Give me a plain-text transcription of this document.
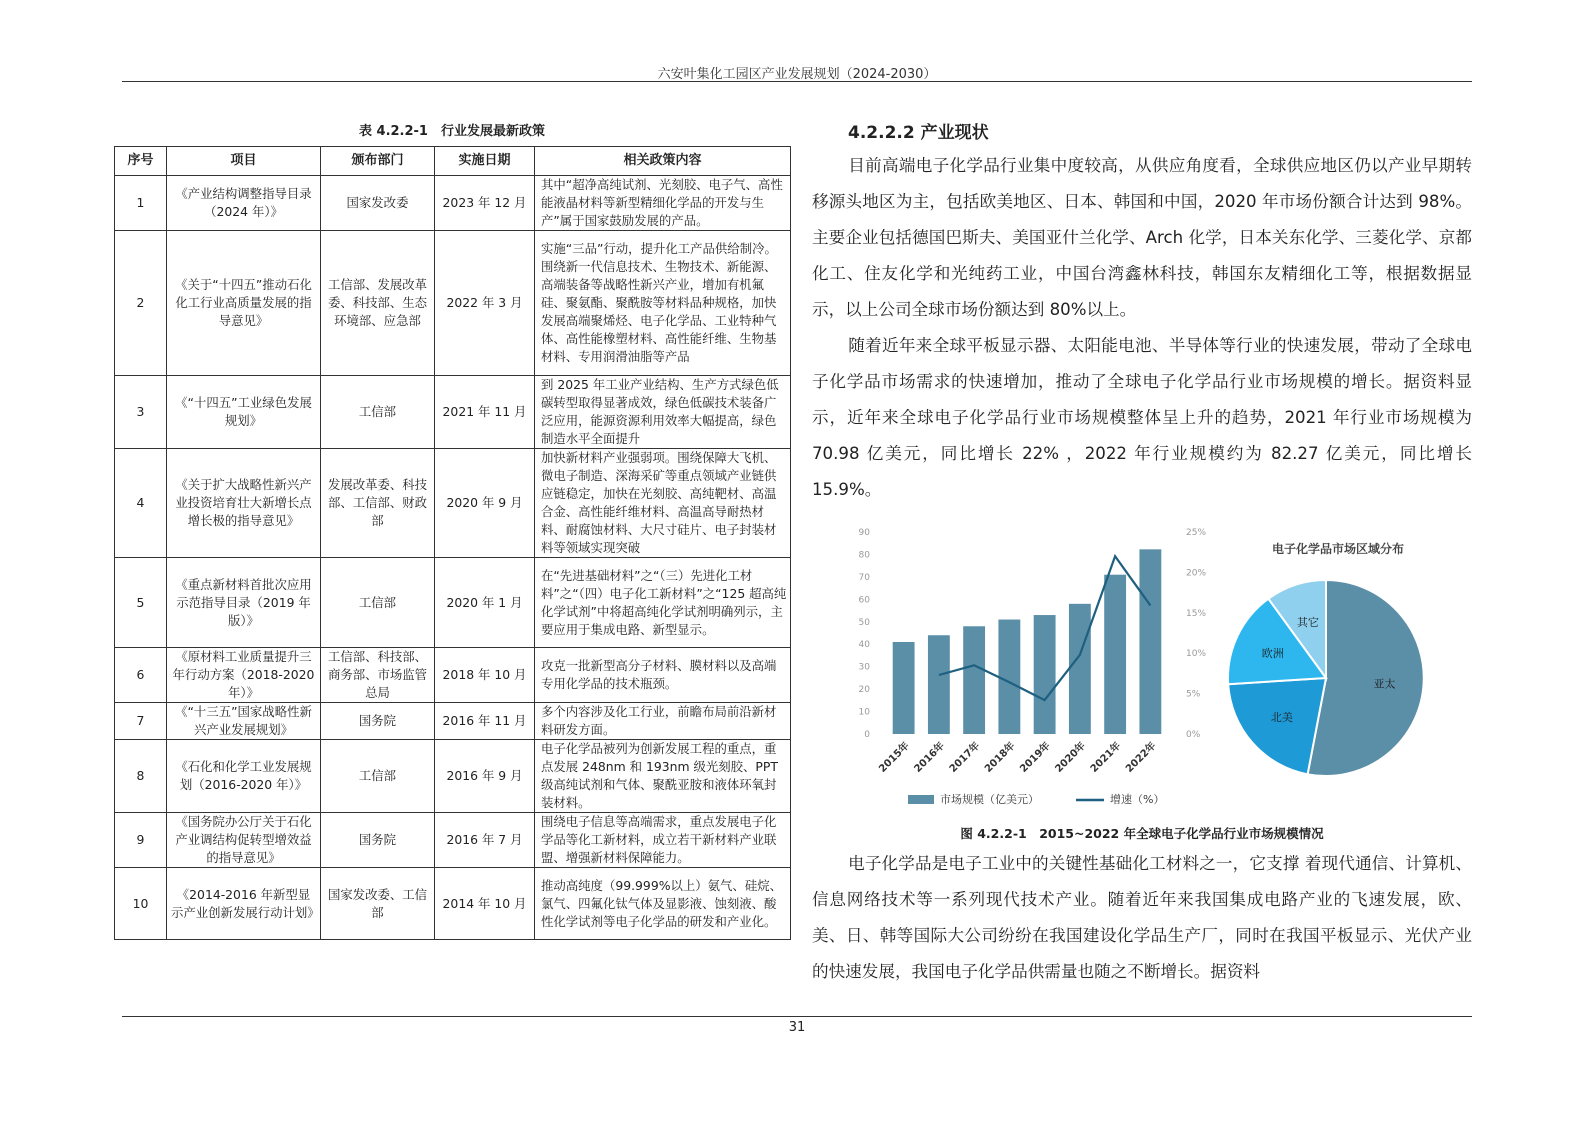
六安叶集化工园区产业发展规划（2024-2030）
表 4.2.2-1　行业发展最新政策
序号	项目	颁布部门	实施日期	相关政策内容
1	《产业结构调整指导目录（2024 年）》	国家发改委	2023 年 12 月	其中“超净高纯试剂、光刻胶、电子气、高性能液晶材料等新型精细化学品的开发与生产”属于国家鼓励发展的产品。
2	《关于“十四五”推动石化化工行业高质量发展的指导意见》	工信部、发展改革委、科技部、生态环境部、应急部	2022 年 3 月	实施“三品”行动，提升化工产品供给制冷。围绕新一代信息技术、生物技术、新能源、高端装备等战略性新兴产业，增加有机氟硅、聚氨酯、聚酰胺等材料品种规格，加快发展高端聚烯烃、电子化学品、工业特种气体、高性能橡塑材料、高性能纤维、生物基材料、专用润滑油脂等产品
3	《“十四五”工业绿色发展规划》	工信部	2021 年 11 月	到 2025 年工业产业结构、生产方式绿色低碳转型取得显著成效，绿色低碳技术装备广泛应用，能源资源利用效率大幅提高，绿色制造水平全面提升
4	《关于扩大战略性新兴产业投资培育壮大新增长点增长极的指导意见》	发展改革委、科技部、工信部、财政部	2020 年 9 月	加快新材料产业强弱项。围绕保障大飞机、微电子制造、深海采矿等重点领域产业链供应链稳定，加快在光刻胶、高纯靶材、高温合金、高性能纤维材料、高温高导耐热材料、耐腐蚀材料、大尺寸硅片、电子封装材料等领域实现突破
5	《重点新材料首批次应用示范指导目录（2019 年版）》	工信部	2020 年 1 月	在“先进基础材料”之“（三）先进化工材料”之“（四）电子化工新材料”之“125 超高纯化学试剂”中将超高纯化学试剂明确列示，主要应用于集成电路、新型显示。
6	《原材料工业质量提升三年行动方案（2018-2020 年）》	工信部、科技部、商务部、市场监管总局	2018 年 10 月	攻克一批新型高分子材料、膜材料以及高端专用化学品的技术瓶颈。
7	《“十三五”国家战略性新兴产业发展规划》	国务院	2016 年 11 月	多个内容涉及化工行业，前瞻布局前沿新材料研发方面。
8	《石化和化学工业发展规划（2016-2020 年）》	工信部	2016 年 9 月	电子化学品被列为创新发展工程的重点，重点发展 248nm 和 193nm 级光刻胶、PPT 级高纯试剂和气体、聚酰亚胺和液体环氧封装材料。
9	《国务院办公厅关于石化产业调结构促转型增效益的指导意见》	国务院	2016 年 7 月	围绕电子信息等高端需求，重点发展电子化学品等化工新材料，成立若干新材料产业联盟、增强新材料保障能力。
10	《2014-2016 年新型显示产业创新发展行动计划》	国家发改委、工信部	2014 年 10 月	推动高纯度（99.999%以上）氨气、硅烷、氯气、四氟化钛气体及显影液、蚀刻液、酸性化学试剂等电子化学品的研发和产业化。
4.2.2.2 产业现状

目前高端电子化学品行业集中度较高，从供应角度看，全球供应地区仍以产业早期转移源头地区为主，包括欧美地区、日本、韩国和中国，2020 年市场份额合计达到 98%。主要企业包括德国巴斯夫、美国亚什兰化学、Arch 化学，日本关东化学、三菱化学、京都化工、住友化学和光纯药工业，中国台湾鑫林科技，韩国东友精细化工等，根据数据显示，以上公司全球市场份额达到 80%以上。

随着近年来全球平板显示器、太阳能电池、半导体等行业的快速发展，带动了全球电子化学品市场需求的快速增加，推动了全球电子化学品行业市场规模的增长。据资料显示，近年来全球电子化学品行业市场规模整体呈上升的趋势，2021 年行业市场规模为 70.98 亿美元，同比增长 22% ，2022 年行业规模约为 82.27 亿美元，同比增长 15.9%。

0
10
20
30
40
50
60
70
80
90
0%
5%
10%
15%
20%
25%
2015年 2016年 2017年 2018年 2019年 2020年 2021年 2022年
市场规模（亿美元）	增速（%）
电子化学品市场区域分布
亚太
北美
欧洲
其它
图 4.2.2-1　2015~2022 年全球电子化学品行业市场规模情况

电子化学品是电子工业中的关键性基础化工材料之一，它支撑 着现代通信、计算机、信息网络技术等一系列现代技术产业。随着近年来我国集成电路产业的飞速发展，欧、美、日、韩等国际大公司纷纷在我国建设化学品生产厂，同时在我国平板显示、光伏产业的快速发展，我国电子化学品供需量也随之不断增长。据资料

31
